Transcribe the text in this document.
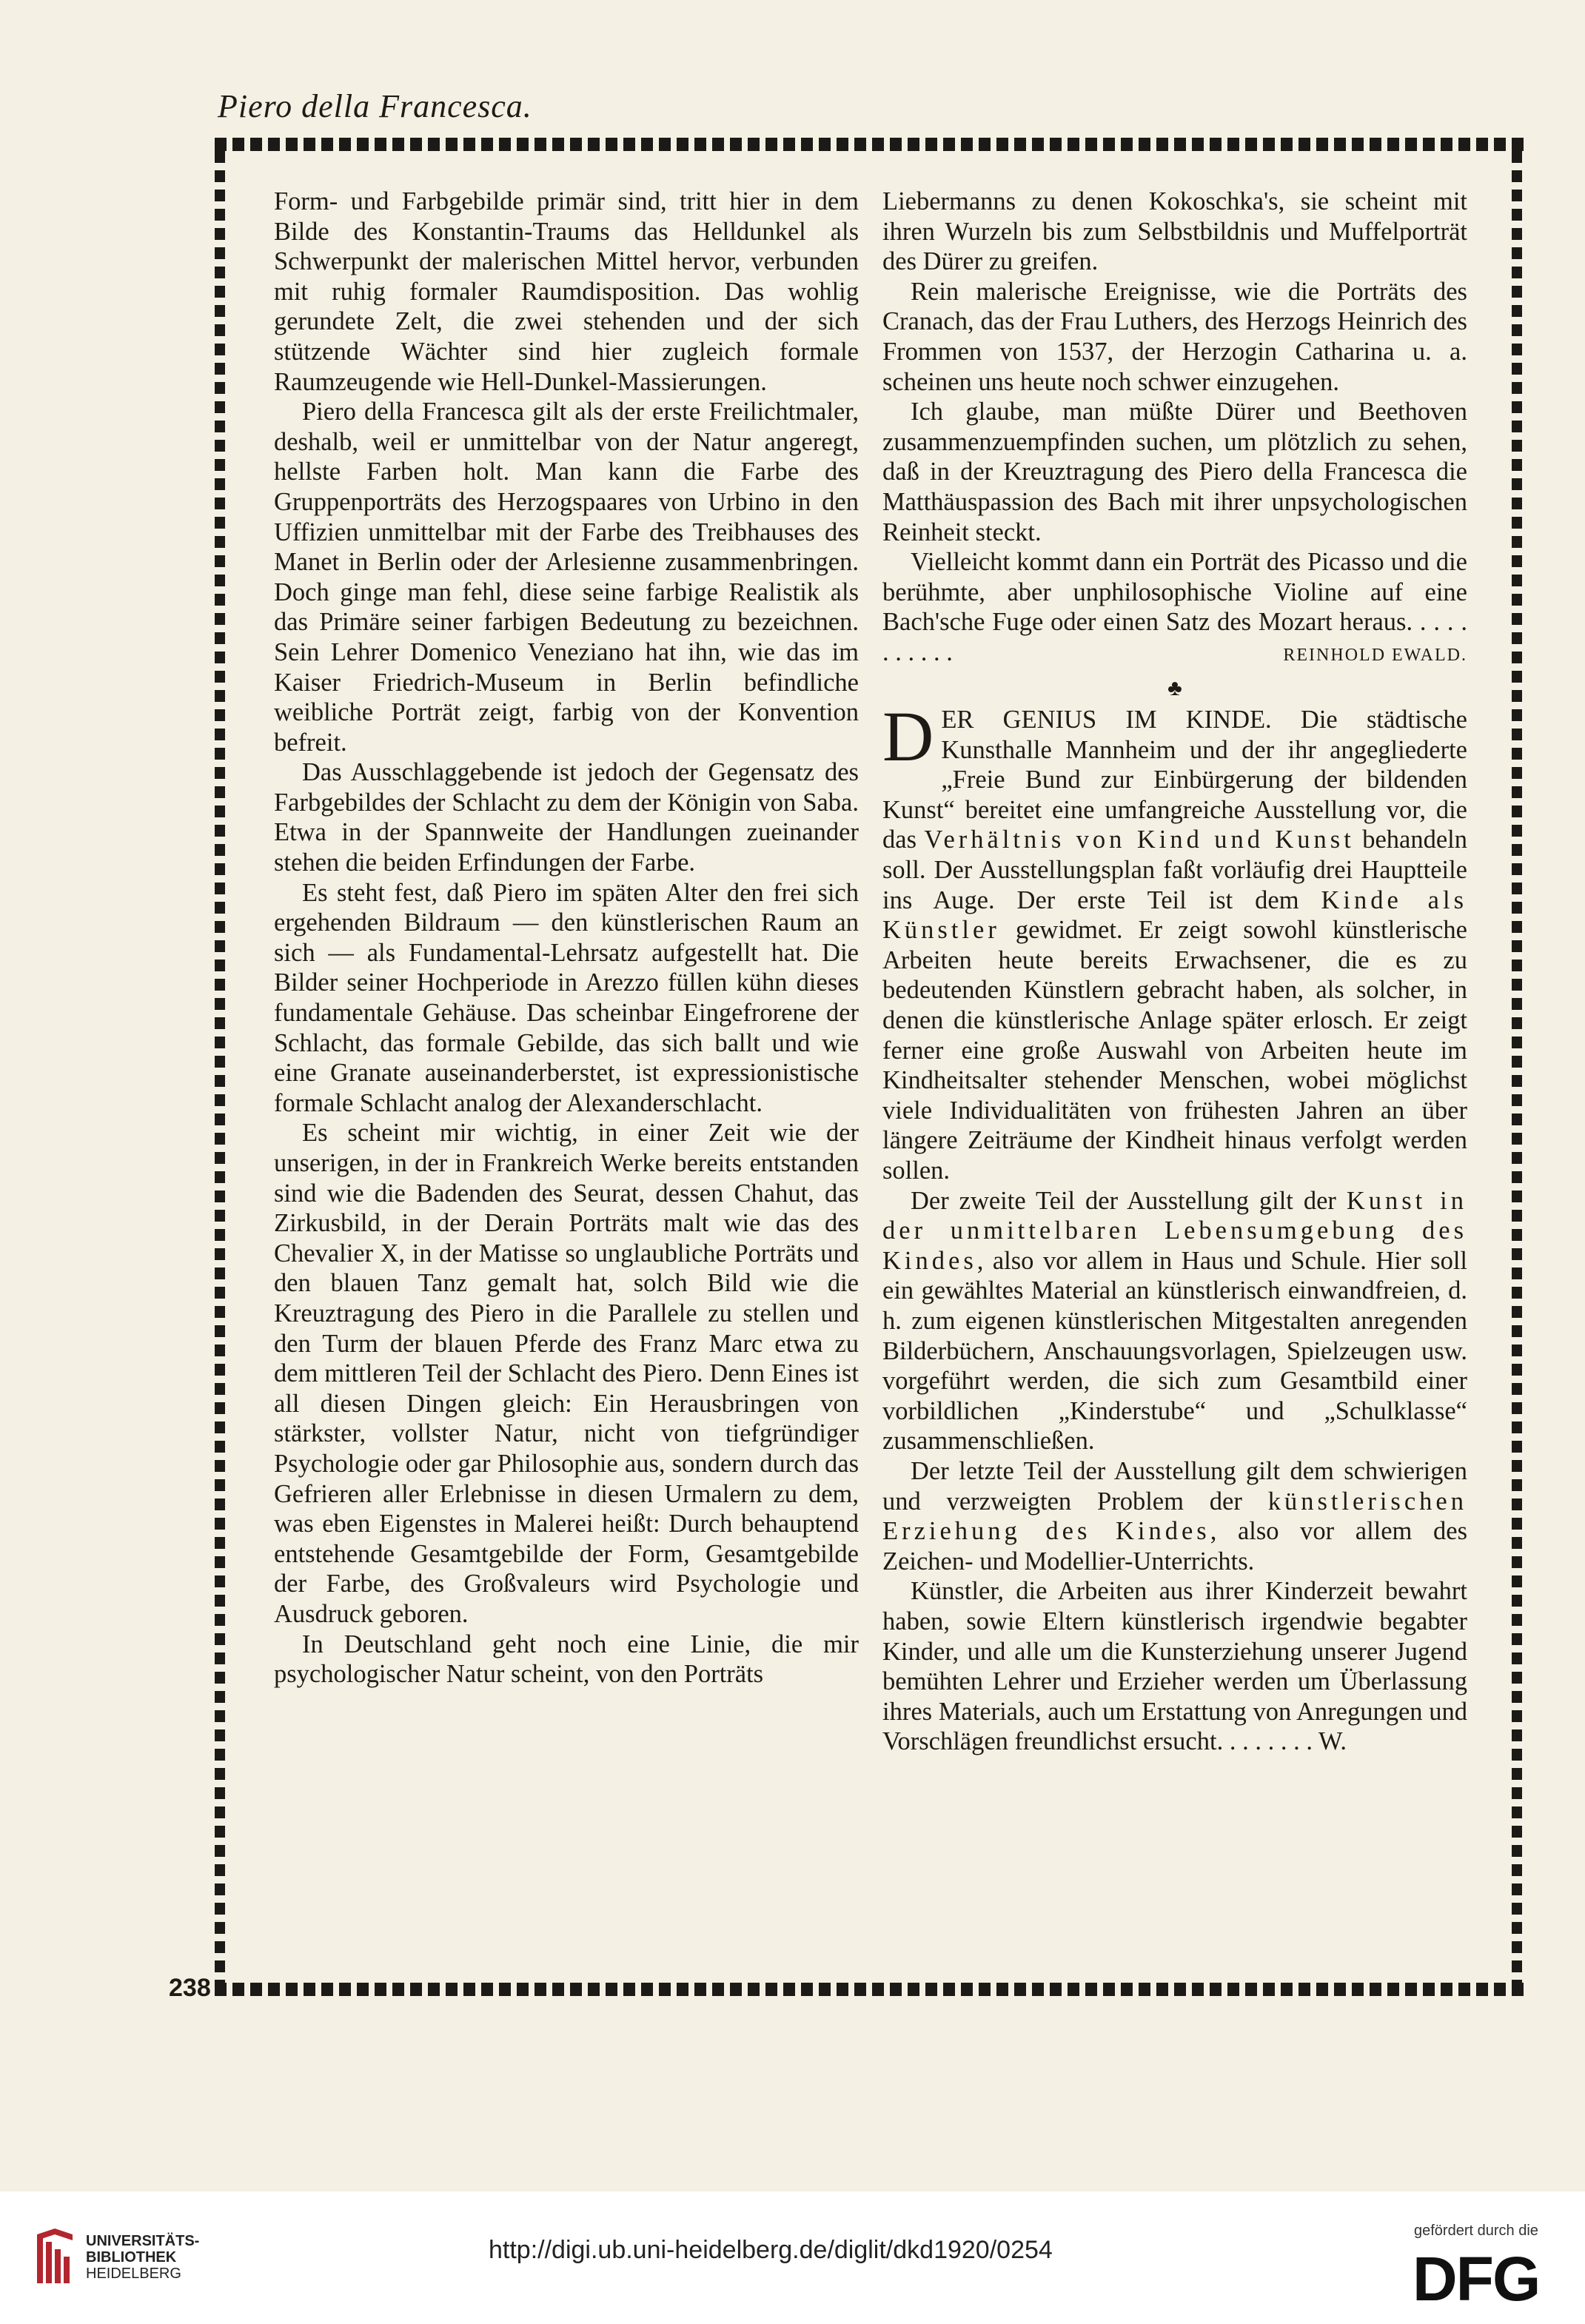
Piero della Francesca.

Form- und Farbgebilde primär sind, tritt hier in dem Bilde des Konstantin-Traums das Helldunkel als Schwerpunkt der malerischen Mittel hervor, verbunden mit ruhig formaler Raumdisposition. Das wohlig gerundete Zelt, die zwei stehenden und der sich stützende Wächter sind hier zugleich formale Raumzeugende wie Hell-Dunkel-Massierungen.

Piero della Francesca gilt als der erste Freilichtmaler, deshalb, weil er unmittelbar von der Natur angeregt, hellste Farben holt. Man kann die Farbe des Gruppenporträts des Herzogspaares von Urbino in den Uffizien unmittelbar mit der Farbe des Treibhauses des Manet in Berlin oder der Arlesienne zusammenbringen. Doch ginge man fehl, diese seine farbige Realistik als das Primäre seiner farbigen Bedeutung zu bezeichnen. Sein Lehrer Domenico Veneziano hat ihn, wie das im Kaiser Friedrich-Museum in Berlin befindliche weibliche Porträt zeigt, farbig von der Konvention befreit.

Das Ausschlaggebende ist jedoch der Gegensatz des Farbgebildes der Schlacht zu dem der Königin von Saba. Etwa in der Spannweite der Handlungen zueinander stehen die beiden Erfindungen der Farbe.

Es steht fest, daß Piero im späten Alter den frei sich ergehenden Bildraum — den künstlerischen Raum an sich — als Fundamental-Lehrsatz aufgestellt hat. Die Bilder seiner Hochperiode in Arezzo füllen kühn dieses fundamentale Gehäuse. Das scheinbar Eingefrorene der Schlacht, das formale Gebilde, das sich ballt und wie eine Granate auseinanderberstet, ist expressionistische formale Schlacht analog der Alexanderschlacht.

Es scheint mir wichtig, in einer Zeit wie der unserigen, in der in Frankreich Werke bereits entstanden sind wie die Badenden des Seurat, dessen Chahut, das Zirkusbild, in der Derain Porträts malt wie das des Chevalier X, in der Matisse so unglaubliche Porträts und den blauen Tanz gemalt hat, solch Bild wie die Kreuztragung des Piero in die Parallele zu stellen und den Turm der blauen Pferde des Franz Marc etwa zu dem mittleren Teil der Schlacht des Piero. Denn Eines ist all diesen Dingen gleich: Ein Herausbringen von stärkster, vollster Natur, nicht von tiefgründiger Psychologie oder gar Philosophie aus, sondern durch das Gefrieren aller Erlebnisse in diesen Urmalern zu dem, was eben Eigenstes in Malerei heißt: Durch behauptend entstehende Gesamtgebilde der Form, Gesamtgebilde der Farbe, des Großvaleurs wird Psychologie und Ausdruck geboren.

In Deutschland geht noch eine Linie, die mir psychologischer Natur scheint, von den Porträts

Liebermanns zu denen Kokoschka's, sie scheint mit ihren Wurzeln bis zum Selbstbildnis und Muffelporträt des Dürer zu greifen.

Rein malerische Ereignisse, wie die Porträts des Cranach, das der Frau Luthers, des Herzogs Heinrich des Frommen von 1537, der Herzogin Catharina u. a. scheinen uns heute noch schwer einzugehen.

Ich glaube, man müßte Dürer und Beethoven zusammenzuempfinden suchen, um plötzlich zu sehen, daß in der Kreuztragung des Piero della Francesca die Matthäuspassion des Bach mit ihrer unpsychologischen Reinheit steckt.

Vielleicht kommt dann ein Porträt des Picasso und die berühmte, aber unphilosophische Violine auf eine Bach'sche Fuge oder einen Satz des Mozart heraus. . . . . . . . . . .	REINHOLD EWALD.

♣

DER GENIUS IM KINDE. Die städtische Kunsthalle Mannheim und der ihr angegliederte „Freie Bund zur Einbürgerung der bildenden Kunst“ bereitet eine umfangreiche Ausstellung vor, die das Verhältnis von Kind und Kunst behandeln soll. Der Ausstellungsplan faßt vorläufig drei Hauptteile ins Auge. Der erste Teil ist dem Kinde als Künstler gewidmet. Er zeigt sowohl künstlerische Arbeiten heute bereits Erwachsener, die es zu bedeutenden Künstlern gebracht haben, als solcher, in denen die künstlerische Anlage später erlosch. Er zeigt ferner eine große Auswahl von Arbeiten heute im Kindheitsalter stehender Menschen, wobei möglichst viele Individualitäten von frühesten Jahren an über längere Zeiträume der Kindheit hinaus verfolgt werden sollen.

Der zweite Teil der Ausstellung gilt der Kunst in der unmittelbaren Lebensumgebung des Kindes, also vor allem in Haus und Schule. Hier soll ein gewähltes Material an künstlerisch einwandfreien, d. h. zum eigenen künstlerischen Mitgestalten anregenden Bilderbüchern, Anschauungsvorlagen, Spielzeugen usw. vorgeführt werden, die sich zum Gesamtbild einer vorbildlichen „Kinderstube“ und „Schulklasse“ zusammenschließen.

Der letzte Teil der Ausstellung gilt dem schwierigen und verzweigten Problem der künstlerischen Erziehung des Kindes, also vor allem des Zeichen- und Modellier-Unterrichts.

Künstler, die Arbeiten aus ihrer Kinderzeit bewahrt haben, sowie Eltern künstlerisch irgendwie begabter Kinder, und alle um die Kunsterziehung unserer Jugend bemühten Lehrer und Erzieher werden um Überlassung ihres Materials, auch um Erstattung von Anregungen und Vorschlägen freundlichst ersucht. . . . . . . . W.

238
UNIVERSITÄTS-
BIBLIOTHEK
HEIDELBERG
http://digi.ub.uni-heidelberg.de/diglit/dkd1920/0254
gefördert durch die
DFG
